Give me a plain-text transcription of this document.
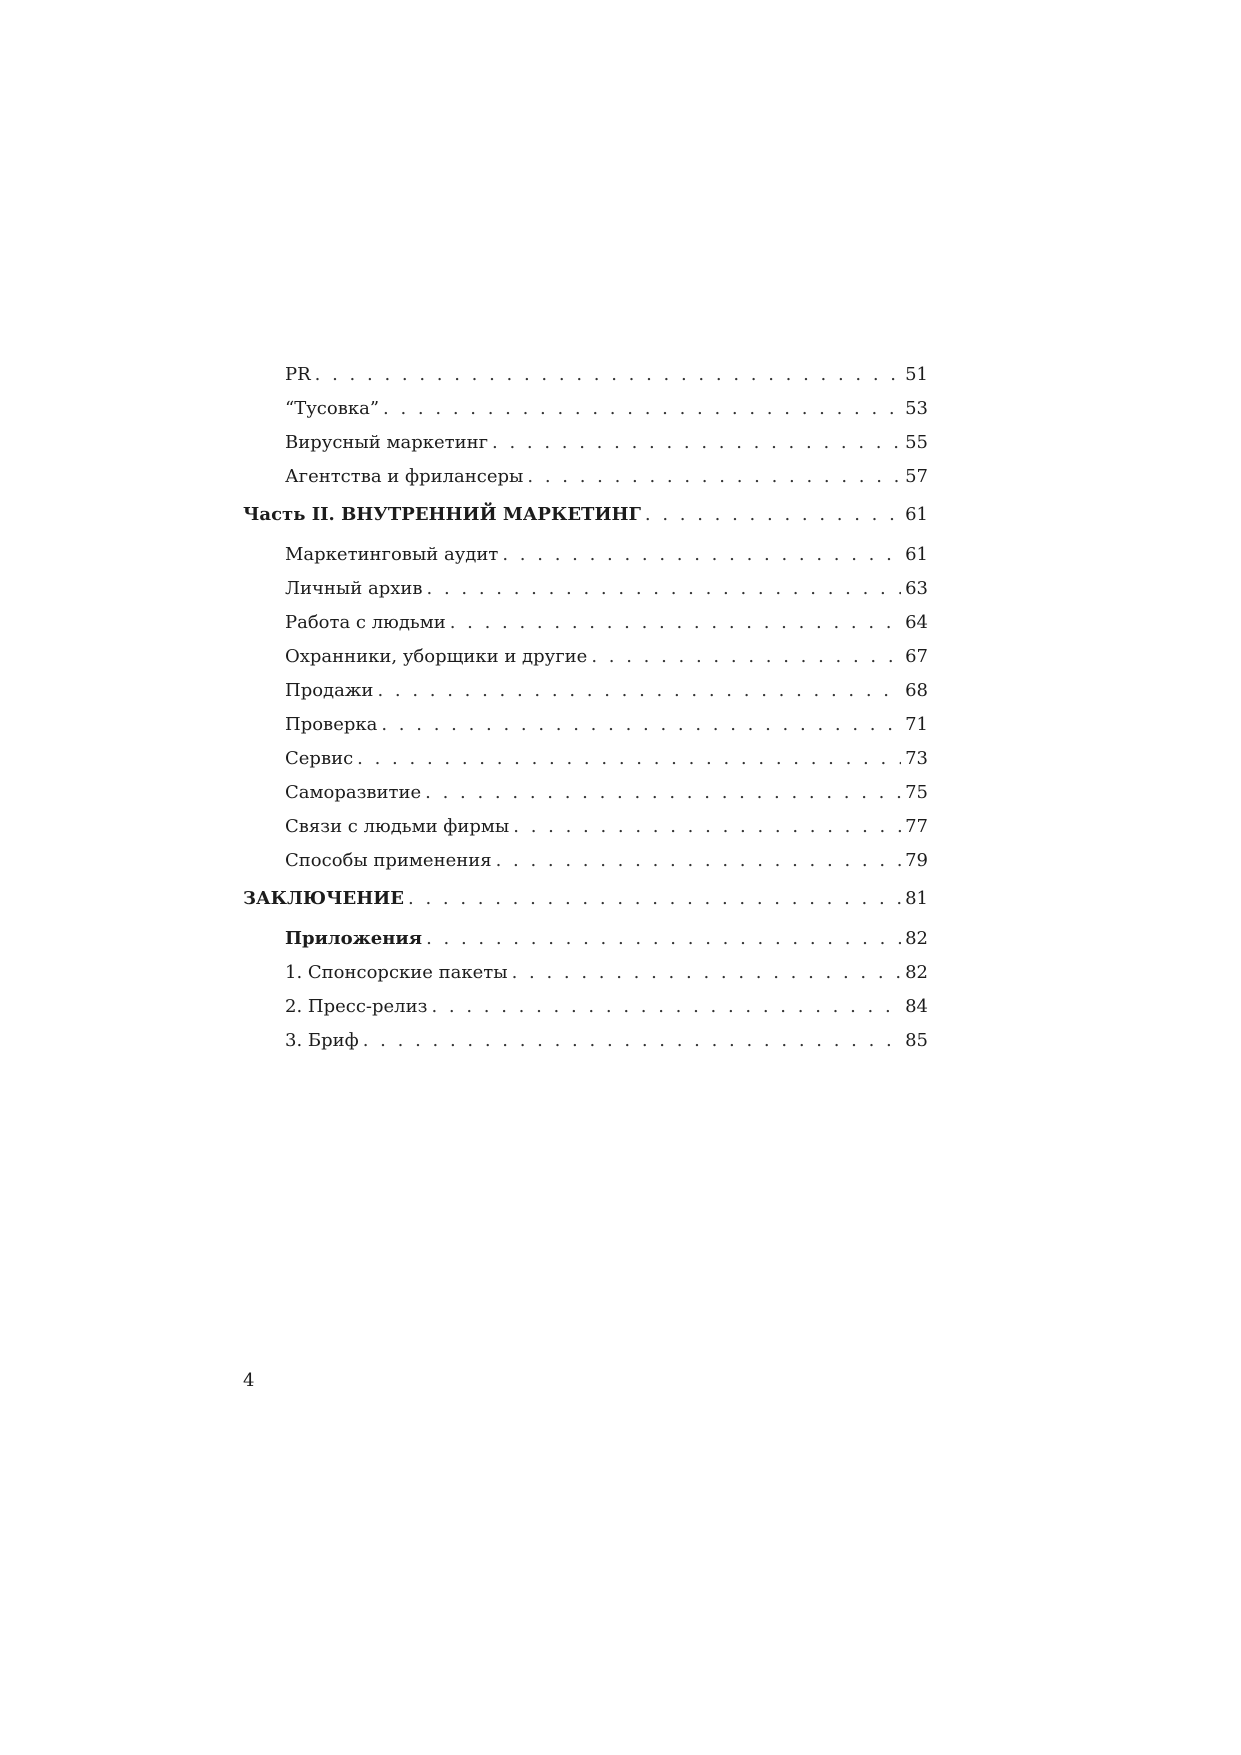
PR . . .	51
“Тусовка” . . .	53
Вирусный маркетинг . . .	55
Агентства и фрилансеры . . .	57
Часть II. ВНУТРЕННИЙ МАРКЕТИНГ . . .	61
Маркетинговый аудит . . .	61
Личный архив . . .	63
Работа с людьми . . .	64
Охранники, уборщики и другие . . .	67
Продажи . . .	68
Проверка . . .	71
Сервис . . .	73
Саморазвитие . . .	75
Связи с людьми фирмы . . .	77
Способы применения . . .	79
ЗАКЛЮЧЕНИЕ . . .	81
Приложения . . .	82
1. Спонсорские пакеты . . .	82
2. Пресс-релиз . . .	84
3. Бриф . . .	85
4
